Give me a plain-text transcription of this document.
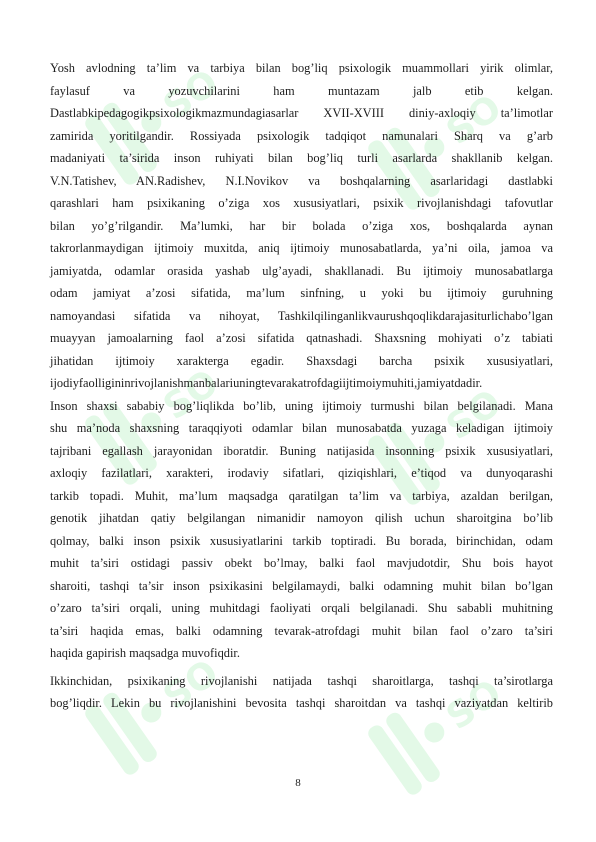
SO	SO
SO	SO
SO	SO

Yosh avlodning ta’lim va tarbiya bilan bog’liq psixologik muammollari yirik olimlar,

faylasuf va yozuvchilarini ham muntazam jalb etib kelgan.

Dastlabkipedagogikpsixologikmazmundagiasarlar XVII-XVIII diniy-axloqiy ta’limotlar

zamirida yoritilgandir. Rossiyada psixologik tadqiqot namunalari Sharq va g’arb

madaniyati ta’sirida inson ruhiyati bilan bog’liq turli asarlarda shakllanib kelgan.

V.N.Tatishev, AN.Radishev, N.I.Novikov va boshqalarning asarlaridagi dastlabki

qarashlari ham psixikaning o’ziga xos xususiyatlari, psixik rivojlanishdagi tafovutlar

bilan yo’g’rilgandir. Ma’lumki, har bir bolada o’ziga xos, boshqalarda aynan

takrorlanmaydigan ijtimoiy muxitda, aniq ijtimoiy munosabatlarda, ya’ni oila, jamoa va

jamiyatda, odamlar orasida yashab ulg’ayadi, shakllanadi. Bu ijtimoiy munosabatlarga

odam jamiyat a’zosi sifatida, ma’lum sinfning, u yoki bu ijtimoiy guruhning

namoyandasi sifatida va nihoyat, Tashkilqilinganlikvaurushqoqlikdarajasiturlichabo’lgan

muayyan jamoalarning faol a’zosi sifatida qatnashadi. Shaxsning mohiyati o’z tabiati

jihatidan ijtimoiy xarakterga egadir. Shaxsdagi barcha psixik xususiyatlari,

ijodiyfaolligininrivojlanishmanbalariuningtevarakatrofdagiijtimoiymuhiti,jamiyatdadir.

Inson shaxsi sababiy bog’liqlikda bo’lib, uning ijtimoiy turmushi bilan belgilanadi. Mana

shu ma’noda shaxsning taraqqiyoti odamlar bilan munosabatda yuzaga keladigan ijtimoiy

tajribani egallash jarayonidan iboratdir. Buning natijasida insonning psixik xususiyatlari,

axloqiy fazilatlari, xarakteri, irodaviy sifatlari, qiziqishlari, e’tiqod va dunyoqarashi

tarkib topadi. Muhit, ma’lum maqsadga qaratilgan ta’lim va tarbiya, azaldan berilgan,

genotik jihatdan qatiy belgilangan nimanidir namoyon qilish uchun sharoitgina bo’lib

qolmay, balki inson psixik xususiyatlarini tarkib toptiradi. Bu borada, birinchidan, odam

muhit ta’siri ostidagi passiv obekt bo’lmay, balki faol mavjudotdir, Shu bois hayot

sharoiti, tashqi ta’sir inson psixikasini belgilamaydi, balki odamning muhit bilan bo’lgan

o’zaro ta’siri orqali, uning muhitdagi faoliyati orqali belgilanadi. Shu sababli muhitning

ta’siri haqida emas, balki odamning tevarak-atrofdagi muhit bilan faol o’zaro ta’siri

haqida gapirish maqsadga muvofiqdir.

Ikkinchidan, psixikaning rivojlanishi natijada tashqi sharoitlarga, tashqi ta’sirotlarga

bog’liqdir. Lekin bu rivojlanishini bevosita tashqi sharoitdan va tashqi vaziyatdan keltirib

8
